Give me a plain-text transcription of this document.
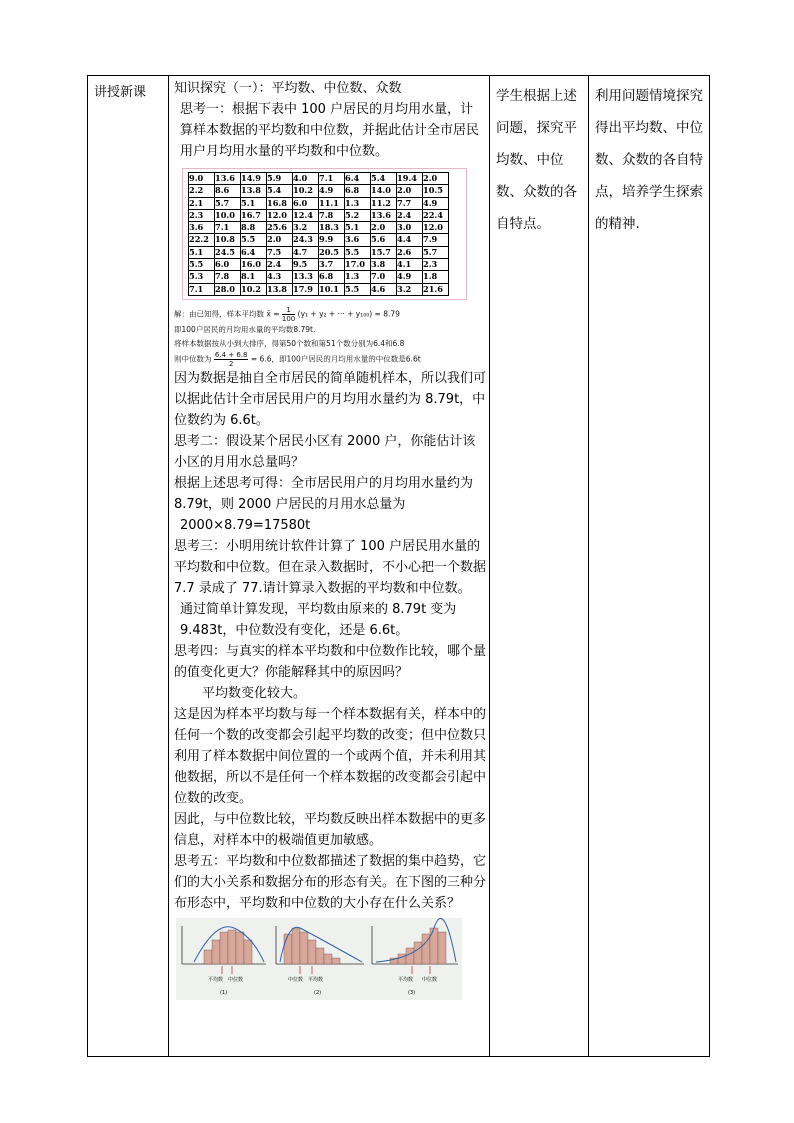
讲授新课	知识探究（一）：平均数、中位数、众数

思考一：根据下表中 100 户居民的月均用水量，计算样本数据的平均数和中位数，并据此估计全市居民用户月均用水量的平均数和中位数。

9.0	13.6	14.9	5.9	4.0	7.1	6.4	5.4	19.4	2.0
2.2	8.6	13.8	5.4	10.2	4.9	6.8	14.0	2.0	10.5
2.1	5.7	5.1	16.8	6.0	11.1	1.3	11.2	7.7	4.9
2.3	10.0	16.7	12.0	12.4	7.8	5.2	13.6	2.4	22.4
3.6	7.1	8.8	25.6	3.2	18.3	5.1	2.0	3.0	12.0
22.2	10.8	5.5	2.0	24.3	9.9	3.6	5.6	4.4	7.9
5.1	24.5	6.4	7.5	4.7	20.5	5.5	15.7	2.6	5.7
5.5	6.0	16.0	2.4	9.5	3.7	17.0	3.8	4.1	2.3
5.3	7.8	8.1	4.3	13.3	6.8	1.3	7.0	4.9	1.8
7.1	28.0	10.2	13.8	17.9	10.1	5.5	4.6	3.2	21.6

解：由已知得，样本平均数 x̄ = $\frac{1}{100} (y_1 + y_2$ + ··· + y₁₀₀) = 8.79

即100户居民的月均用水量的平均数8.79t.

将样本数据按从小到大排序，得第50个数和第51个数分别为6.4和6.8

则中位数为 $\frac{6.4 + 6.8}{2} = 6.6$，即100户居民的月均用水量的中位数是6.6t

因为数据是抽自全市居民的简单随机样本，所以我们可以据此估计全市居民用户的月均用水量约为 8.79t，中位数约为 6.6t。

思考二：假设某个居民小区有 2000 户，你能估计该小区的月用水总量吗？

根据上述思考可得：全市居民用户的月均用水量约为 8.79t，则 2000 户居民的月用水总量为

2000×8.79=17580t

思考三：小明用统计软件计算了 100 户居民用水量的平均数和中位数。但在录入数据时，不小心把一个数据 7.7 录成了 77.请计算录入数据的平均数和中位数。

通过简单计算发现，平均数由原来的 8.79t 变为 9.483t，中位数没有变化，还是 6.6t。

思考四：与真实的样本平均数和中位数作比较，哪个量的值变化更大？你能解释其中的原因吗？

平均数变化较大。

这是因为样本平均数与每一个样本数据有关，样本中的任何一个数的改变都会引起平均数的改变；但中位数只利用了样本数据中间位置的一个或两个值，并未利用其他数据，所以不是任何一个样本数据的改变都会引起中位数的改变。

因此，与中位数比较，平均数反映出样本数据中的更多信息，对样本中的极端值更加敏感。

思考五：平均数和中位数都描述了数据的集中趋势，它们的大小关系和数据分布的形态有关。在下图的三种分布形态中，平均数和中位数的大小存在什么关系？

平均数 中位数
(1)
中位数 平均数
(2)
平均数 中位数
(3)

学生根据上述问题，探究平均数、中位数、众数的各自特点。

利用问题情境探究得出平均数、中位数、众数的各自特点，培养学生探索的精神.
